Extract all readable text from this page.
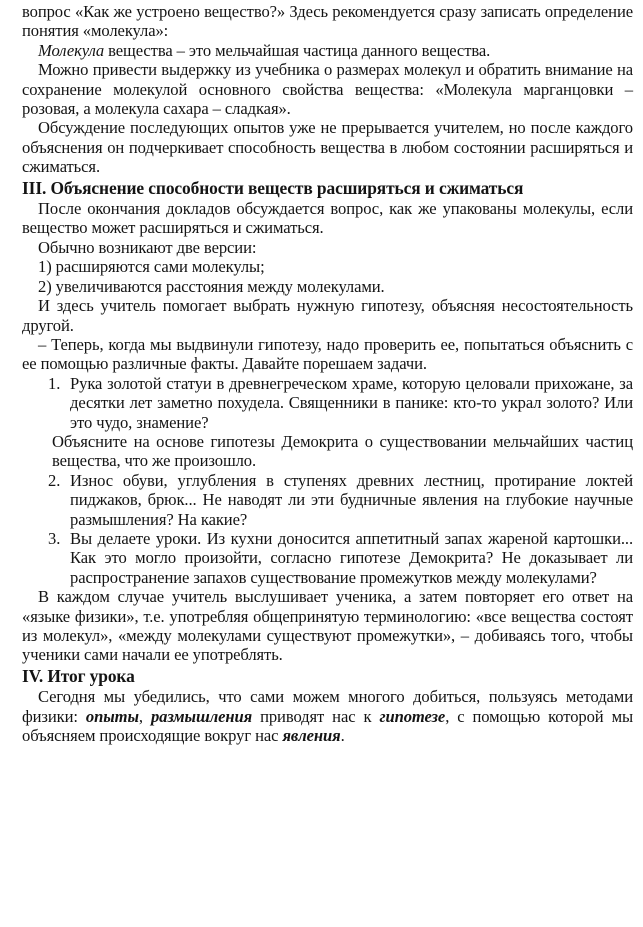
вопрос «Как же устроено вещество?» Здесь рекомендуется сразу записать определение понятия «молекула»:

Молекула вещества – это мельчайшая частица данного вещества.

Можно привести выдержку из учебника о размерах молекул и обратить внимание на сохранение молекулой основного свойства вещества: «Молекула марганцовки – розовая, а молекула сахара – сладкая».

Обсуждение последующих опытов уже не прерывается учителем, но после каждого объяснения он подчеркивает способность вещества в любом состоянии расширяться и сжиматься.

III. Объяснение способности веществ расширяться и сжиматься

После окончания докладов обсуждается вопрос, как же упакованы молекулы, если вещество может расширяться и сжиматься.

Обычно возникают две версии:

1) расширяются сами молекулы;

2) увеличиваются расстояния между молекулами.

И здесь учитель помогает выбрать нужную гипотезу, объясняя несостоятельность другой.

– Теперь, когда мы выдвинули гипотезу, надо проверить ее, попытаться объяснить с ее помощью различные факты. Давайте порешаем задачи.

1. Рука золотой статуи в древнегреческом храме, которую целовали прихожане, за десятки лет заметно похудела. Священники в панике: кто-то украл золото? Или это чудо, знамение?

Объясните на основе гипотезы Демокрита о существовании мельчайших частиц вещества, что же произошло.

2. Износ обуви, углубления в ступенях древних лестниц, протирание локтей пиджаков, брюк... Не наводят ли эти будничные явления на глубокие научные размышления? На какие?
3. Вы делаете уроки. Из кухни доносится аппетитный запах жареной картошки... Как это могло произойти, согласно гипотезе Демокрита? Не доказывает ли распространение запахов существование промежутков между молекулами?

В каждом случае учитель выслушивает ученика, а затем повторяет его ответ на «языке физики», т.е. употребляя общепринятую терминологию: «все вещества состоят из молекул», «между молекулами существуют промежутки», – добиваясь того, чтобы ученики сами начали ее употреблять.

IV. Итог урока

Сегодня мы убедились, что сами можем многого добиться, пользуясь методами физики: опыты, размышления приводят нас к гипотезе, с помощью которой мы объясняем происходящие вокруг нас явления.
